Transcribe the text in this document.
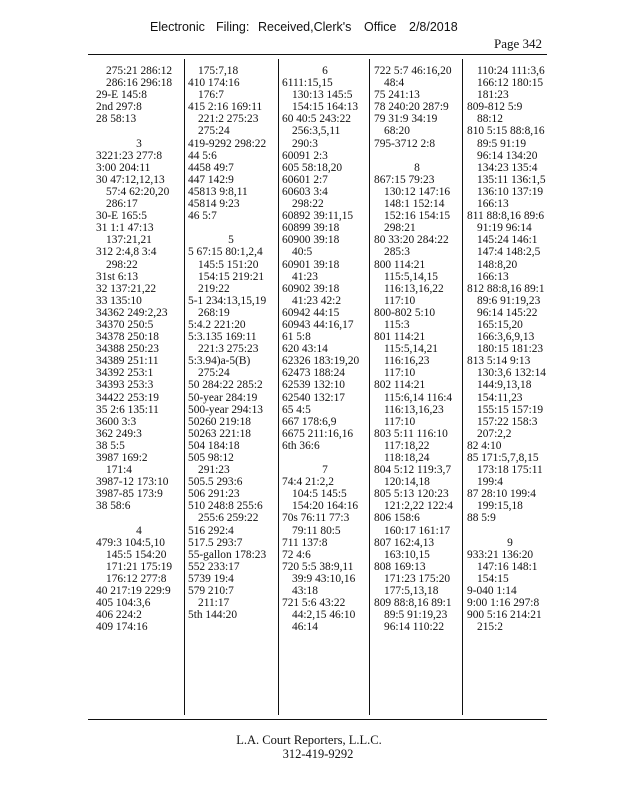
Electronic Filing: Received,Clerk's Office 2/8/2018
Page 342
275:21 286:12
286:16 296:18
29-E 145:8
2nd 297:8
28 58:13
3
3221:23 277:8
3:00 204:11
30 47:12,12,13
57:4 62:20,20
286:17
30-E 165:5
31 1:1 47:13
137:21,21
312 2:4,8 3:4
298:22
31st 6:13
32 137:21,22
33 135:10
34362 249:2,23
34370 250:5
34378 250:18
34388 250:23
34389 251:11
34392 253:1
34393 253:3
34422 253:19
35 2:6 135:11
3600 3:3
362 249:3
38 5:5
3987 169:2
171:4
3987-12 173:10
3987-85 173:9
38 58:6
4
479:3 104:5,10
145:5 154:20
171:21 175:19
176:12 277:8
40 217:19 229:9
405 104:3,6
406 224:2
409 174:16
175:7,18
410 174:16
176:7
415 2:16 169:11
221:2 275:23
275:24
419-9292 298:22
44 5:6
4458 49:7
447 142:9
45813 9:8,11
45814 9:23
46 5:7
5
5 67:15 80:1,2,4
145:5 151:20
154:15 219:21
219:22
5-1 234:13,15,19
268:19
5:4.2 221:20
5:3.135 169:11
221:3 275:23
5:3.94)a-5(B)
275:24
50 284:22 285:2
50-year 284:19
500-year 294:13
50260 219:18
50263 221:18
504 184:18
505 98:12
291:23
505.5 293:6
506 291:23
510 248:8 255:6
255:6 259:22
516 292:4
517.5 293:7
55-gallon 178:23
552 233:17
5739 19:4
579 210:7
211:17
5th 144:20
6
6111:15,15
130:13 145:5
154:15 164:13
60 40:5 243:22
256:3,5,11
290:3
60091 2:3
605 58:18,20
60601 2:7
60603 3:4
298:22
60892 39:11,15
60899 39:18
60900 39:18
40:5
60901 39:18
41:23
60902 39:18
41:23 42:2
60942 44:15
60943 44:16,17
61 5:8
620 43:14
62326 183:19,20
62473 188:24
62539 132:10
62540 132:17
65 4:5
667 178:6,9
6675 211:16,16
6th 36:6
7
74:4 21:2,2
104:5 145:5
154:20 164:16
70s 76:11 77:3
79:11 80:5
711 137:8
72 4:6
720 5:5 38:9,11
39:9 43:10,16
43:18
721 5:6 43:22
44:2,15 46:10
46:14
722 5:7 46:16,20
48:4
75 241:13
78 240:20 287:9
79 31:9 34:19
68:20
795-3712 2:8
8
867:15 79:23
130:12 147:16
148:1 152:14
152:16 154:15
298:21
80 33:20 284:22
285:3
800 114:21
115:5,14,15
116:13,16,22
117:10
800-802 5:10
115:3
801 114:21
115:5,14,21
116:16,23
117:10
802 114:21
115:6,14 116:4
116:13,16,23
117:10
803 5:11 116:10
117:18,22
118:18,24
804 5:12 119:3,7
120:14,18
805 5:13 120:23
121:2,22 122:4
806 158:6
160:17 161:17
807 162:4,13
163:10,15
808 169:13
171:23 175:20
177:5,13,18
809 88:8,16 89:1
89:5 91:19,23
96:14 110:22
110:24 111:3,6
166:12 180:15
181:23
809-812 5:9
88:12
810 5:15 88:8,16
89:5 91:19
96:14 134:20
134:23 135:4
135:11 136:1,5
136:10 137:19
166:13
811 88:8,16 89:6
91:19 96:14
145:24 146:1
147:4 148:2,5
148:8,20
166:13
812 88:8,16 89:1
89:6 91:19,23
96:14 145:22
165:15,20
166:3,6,9,13
180:15 181:23
813 5:14 9:13
130:3,6 132:14
144:9,13,18
154:11,23
155:15 157:19
157:22 158:3
207:2,2
82 4:10
85 171:5,7,8,15
173:18 175:11
199:4
87 28:10 199:4
199:15,18
88 5:9
9
933:21 136:20
147:16 148:1
154:15
9-040 1:14
9:00 1:16 297:8
900 5:16 214:21
215:2
L.A. Court Reporters, L.L.C.
312-419-9292
